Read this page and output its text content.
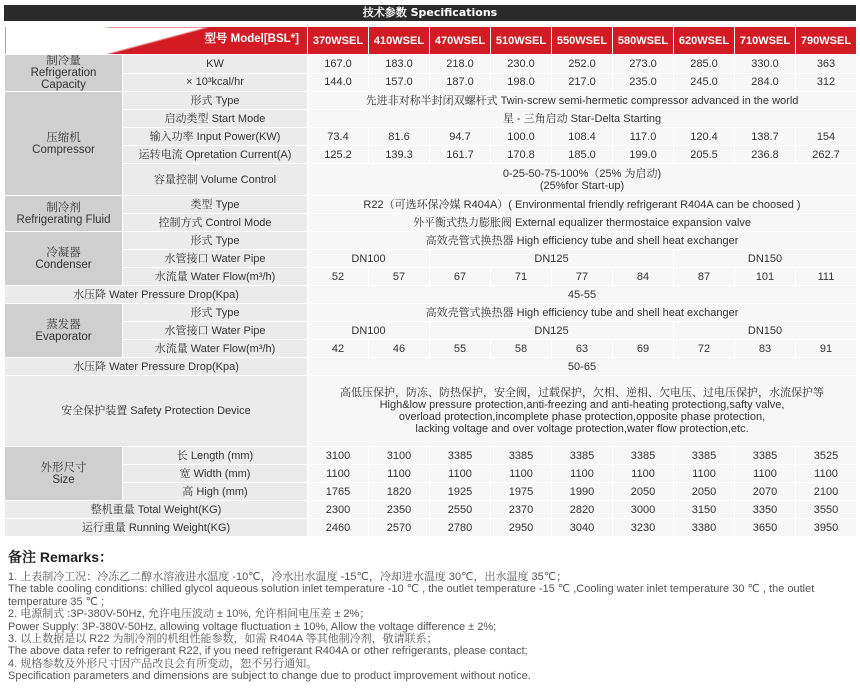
技术参数 Specifications
参数 Parameter 型号 Model[BSL*]		370WSEL	410WSEL	470WSEL	510WSEL	550WSEL	580WSEL	620WSEL	710WSEL	790WSEL
制冷量
Refrigeration Capacity	KW	167.0	183.0	218.0	230.0	252.0	273.0	285.0	330.0	363
	× 10³kcal/hr	144.0	157.0	187.0	198.0	217.0	235.0	245.0	284.0	312
压缩机
Compressor	形式 Type	先进非对称半封闭双螺杆式 Twin-screw semi-hermetic compressor advanced in the world								
	启动类型 Start Mode	星 - 三角启动 Star-Delta Starting								
	输入功率 Input Power(KW)	73.4	81.6	94.7	100.0	108.4	117.0	120.4	138.7	154
	运转电流 Opretation Current(A)	125.2	139.3	161.7	170.8	185.0	199.0	205.5	236.8	262.7
	容量控制 Volume Control	0-25-50-75-100%（25% 为启动)
(25%for Start-up)								
制冷剂
Refrigerating Fluid	类型 Type	R22（可选环保冷媒 R404A）( Environmental friendly refrigerant R404A can be choosed )								
	控制方式 Control Mode	外平衡式热力膨胀阀 External equalizer thermostaice expansion valve								
冷凝器
Condenser	形式 Type	高效壳管式换热器 High efficiency tube and shell heat exchanger								
	水管接口 Water Pipe	DN100		DN125				DN150		
	水流量 Water Flow(m³/h)	52	57	67	71	77	84	87	101	111
水压降 Water Pressure Drop(Kpa)		45-55								
蒸发器
Evaporator	形式 Type	高效壳管式换热器 High efficiency tube and shell heat exchanger								
	水管接口 Water Pipe	DN100		DN125				DN150		
	水流量 Water Flow(m³/h)	42	46	55	58	63	69	72	83	91
水压降 Water Pressure Drop(Kpa)		50-65								
安全保护装置 Safety Protection Device		高低压保护，防冻、防热保护，安全阀，过载保护，欠相、逆相、欠电压、过电压保护，水流保护等
High&low pressure protection,anti-freezing and anti-heating protectiong,safty valve,
overload protection,incomplete phase protection,opposite phase protection,
lacking voltage and over voltage protection,water flow protection,etc.								
外形尺寸
Size	长 Length (mm)	3100	3100	3385	3385	3385	3385	3385	3385	3525
	宽 Width (mm)	1100	1100	1100	1100	1100	1100	1100	1100	1100
	高 High (mm)	1765	1820	1925	1975	1990	2050	2050	2070	2100
整机重量 Total Weight(KG)		2300	2350	2550	2370	2820	3000	3150	3350	3550
运行重量 Running Weight(KG)		2460	2570	2780	2950	3040	3230	3380	3650	3950
备注 Remarks：

1. 上表制冷工况：冷冻乙二醇水溶液进水温度 -10℃，冷水出水温度 -15℃，冷却进水温度 30℃，出水温度 35℃；

The table cooling conditions: chilled glycol aqueous solution inlet temperature -10 ℃ , the outlet temperature -15 ℃ ,Cooling water inlet temperature 30 ℃ , the outlet temperature 35 ℃ ;

2. 电源制式 :3P-380V-50Hz, 允许电压波动 ± 10%, 允许相间电压差 ± 2%；

Power Supply: 3P-380V-50Hz, allowing voltage fluctuation ± 10%, Allow the voltage difference ± 2%;

3. 以上数据是以 R22 为制冷剂的机组性能参数，如需 R404A 等其他制冷剂，敬请联系；

The above data refer to refrigerant R22, if you need refrigerant R404A or other refrigerants, please contact;

4. 规格参数及外形尺寸因产品改良会有所变动，恕不另行通知。

Specification parameters and dimensions are subject to change due to product improvement without notice.
